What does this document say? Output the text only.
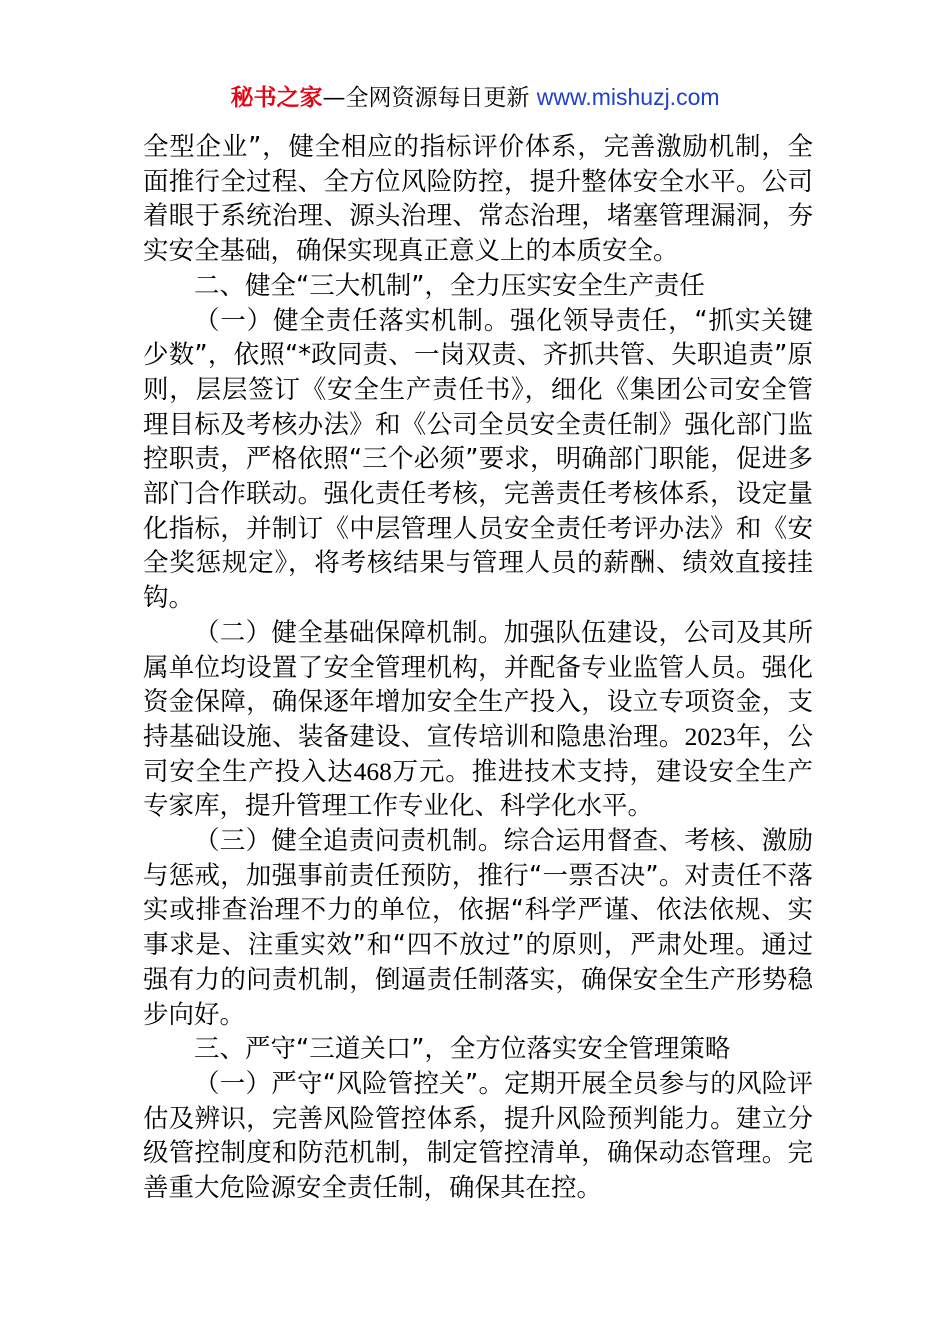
秘书之家—全网资源每日更新 www.mishuzj.com

全型企业”，健全相应的指标评价体系，完善激励机制，全面推行全过程、全方位风险防控，提升整体安全水平。公司着眼于系统治理、源头治理、常态治理，堵塞管理漏洞，夯实安全基础，确保实现真正意义上的本质安全。

二、健全“三大机制”，全力压实安全生产责任

（一）健全责任落实机制。强化领导责任，“抓实关键少数”，依照“*政同责、一岗双责、齐抓共管、失职追责”原则，层层签订《安全生产责任书》，细化《集团公司安全管理目标及考核办法》和《公司全员安全责任制》强化部门监控职责，严格依照“三个必须”要求，明确部门职能，促进多部门合作联动。强化责任考核，完善责任考核体系，设定量化指标，并制订《中层管理人员安全责任考评办法》和《安全奖惩规定》，将考核结果与管理人员的薪酬、绩效直接挂钩。

（二）健全基础保障机制。加强队伍建设，公司及其所属单位均设置了安全管理机构，并配备专业监管人员。强化资金保障，确保逐年增加安全生产投入，设立专项资金，支持基础设施、装备建设、宣传培训和隐患治理。2023年，公司安全生产投入达468万元。推进技术支持，建设安全生产专家库，提升管理工作专业化、科学化水平。

（三）健全追责问责机制。综合运用督查、考核、激励与惩戒，加强事前责任预防，推行“一票否决”。对责任不落实或排查治理不力的单位，依据“科学严谨、依法依规、实事求是、注重实效”和“四不放过”的原则，严肃处理。通过强有力的问责机制，倒逼责任制落实，确保安全生产形势稳步向好。

三、严守“三道关口”，全方位落实安全管理策略

（一）严守“风险管控关”。定期开展全员参与的风险评估及辨识，完善风险管控体系，提升风险预判能力。建立分级管控制度和防范机制，制定管控清单，确保动态管理。完善重大危险源安全责任制，确保其在控。
